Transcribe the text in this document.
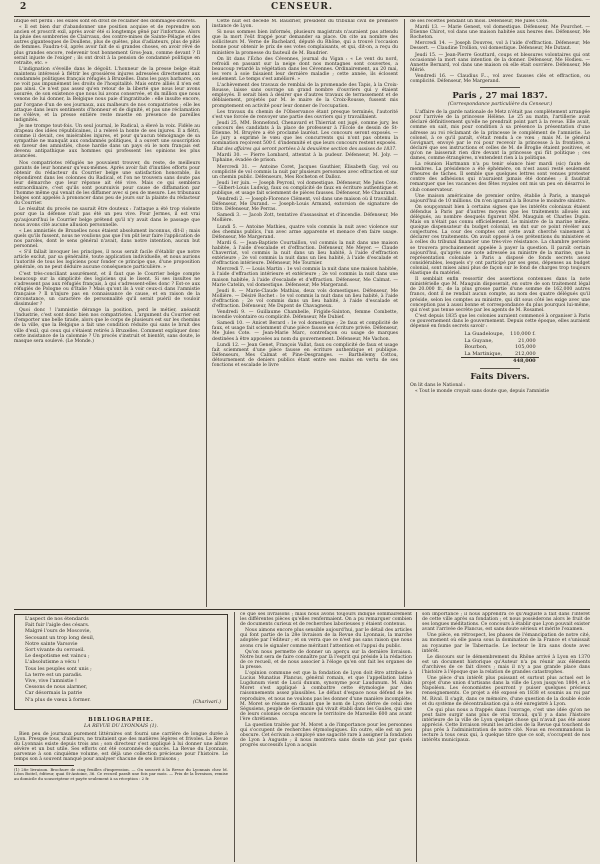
2	CENSEUR.

litique est perdu : les exilés sont en droit de réclamer des dommages-intérêts.

« Il est bien dur d'abandonner une position acquise et de reprendre son ancien et proscrit exil, après avoir été si longtemps gêné par l'infortune. Alors la pluie des sombreries de Clairvaux, des contre-mines de Sainte-Pélagie et des autres gigantesques de Doullens, plus de quêtes, plus d'adiateurs, plus de pitié de femmes. Faudra-t-il, après avoir fait de si grandes choses, en avoir rêvé de plus grandes encore, redevenir tout bonnement Gros-Jean, comme devant ? Il serait injuste de l'exiger ; ils ont droit à la pension de condamné politique en retraite, etc. »

L'indignation s'éveille dans le dégoût. L'honneur de la presse belge était maintenu intéressé à flétrir les grossières injures adressées directement aux condamnés politiques français réfugiés à Bruxelles. Dans les pays barbares, on ne voit pas impunément les droits de l'hospitalité. Mais entre alliés il n'en est pas ainsi. Ce n'est pas assez qu'en retour de la liberté que nous leur avons assurée, de son existence que nous lui avons conservée, et du million que nous venons de lui donner, la Belgique nous paie d'ingratitude : elle insulte encore, par l'organe d'un de ses journaux, aux malheurs de nos compatriotes ; elle les attaque dans leurs sentiments d'honneur et de dignité, et pas une réclamation ne s'élève, et la presse entière reste muette en présence de pareilles indignités.

Je me trompe tout-fois. Un seul journal, le Radical, a élevé la voix. Fidèle au drapeau des idées républicaines, il a relevé la honte de ses injures. Il a flétri, comme il devait, ces misérables injures, et pour qu'aucun témoignage de sa sympathie ne manquât aux condamnés politiques, il a ouvert une souscription en faveur des amnistiés, chose hardie dans un pays où le nom français est devenu antipathique aux hommes qui professent les opinions les plus avancées.

Nos compatriotes réfugiés ne pouvaient trouver, du reste, de meilleurs garants de leur honneur qu'eux-mêmes. Après avoir fait d'inutiles efforts pour obtenir du rédacteur du Courrier belge une satisfaction honorable, ils répondirent dans les colonnes du Radical, et l'on ne trouvera sans doute pas leur démarche que leur réponse ait été vive. Mais ce qui semblera extraordinaire, c'est qu'ils sont poursuivis pour cause de diffamation par l'homme même qui venait de les diffamer avec si peu de mesure. Les tribunaux belges sont appelés à prononcer dans peu de jours sur la plainte du rédacteur du Courrier.

Le résultat du procès ne saurait être douteux : l'attaque a été trop violente pour que la défense n'ait pas été un peu vive. Pour Jermes, il est vrai qu'aujourd'hui le Courrier belge prétend qu'il n'y avait dans le passage que nous avons cité aucune allusion personnelle.

« Les amnistiés de Bruxelles nous étaient absolument inconnus, dit-il ; mais quels qu'ils fussent, nous ne voulions pas que l'on pût leur faire l'application de nos paroles, dont le sens général n'avait, dans notre intention, aucun but personnel.

« S'il fallait invoquer les principes, il nous serait facile d'établir que notre article exclut, par sa généralité, toute application individuelle, et nous aurions l'autorité de tous les logiciens pour fonder ce principe que, d'une proposition générale, on ne peut déduire aucune conséquence particulière. »

C'est très-conciliant assurément, et il faut que le Courrier belge compte beaucoup sur la simplicité des logiciens qui le lisent. Si ses insultes ne s'adressent pas aux réfugiés français, à qui s'adressent-elles donc ? Est-ce aux réfugiés de Pologne ou d'Italie ? Mais qu'ont ils à voir ceux-ci dans l'amnistie française ? Il n'injure pas en connaissance de cause, et en raison de la circonstance, un caractère de personnalité qu'il serait puéril de vouloir dissimuler ?

Quoi donc ! l'amnistie dérange la position, perd le métier, anéantit l'industrie, c'est sont donc bien nos compatriotes. L'argument du Courrier est d'emporter une belle tirade, alors que le corps de plusieurs est sur les chemins de la ville, que la Belgique a fait une condition réduite qui sans le bruit des ville d'exil, qui ceux qui s'étaient retirés à Bruxelles. Comment expliquer donc cette insistance de la calomnie ? Un procès s'instruit et bientôt, sans doute, le masque sera soulevé. (Le Monde.)

Cette nuit est décédé M. Baudrier, président du tribunal civil de première instance de Lyon.

Si nous sommes bien informés, plusieurs magistrats n'auraient pas attendu que la mort l'eût frappé pour demander sa place. On cite au nombre des solliciteurs M. Verne de Bachelard, député du Rhône, qui a trouvé l'occasion bonne pour obtenir le prix de ses votes complaisants, et qui, dit-on, a reçu du ministère la promesse du fauteuil de M. Baudrier.

On lit dans l'Écho des Cévennes, journal du Vigan : « Le vent du nord, refroidi en passant sur la neige dont nos montagnes sont couvertes, a beaucoup retardé la végétation dans les Cévennes. Ordinairement, au 20 mai, les vers à soie faisaient leur dernière maladie ; cette année, ils éclosent seulement. Le temps s'est amélioré. »

L'achèvement des travaux de remblai de la promenade des Tapis, à la Croix-Rousse, laisse sans ouvrage un grand nombre d'ouvriers qui y étaient employés. Il serait bien à désirer que d'autres travaux de terrassement et de déblaiement, projetés par M. le maire de la Croix-Rousse, fussent mis promptement en activité pour leur donner de l'occupation.

Les travaux du chemin de l'Observance étant presque terminés, l'autorité s'est vue forcée de renvoyer une partie des ouvriers qui y travaillaient.

Jeudi 25, MM. Bonnefond, Chenavard et Thierriat ont jugé, comme jury, les concours des candidats à la place de professeur à l'École de dessin de St-Étienne. M. Bruyère a été proclamé lauréat. Les concours seront exposés. — Le jury a exprimé le vœu que les concurrents qui n'ont pas obtenu la nomination reçoivent 500 f. d'indemnité et que leurs concours restent exposés.

État des affaires qui seront portées à la deuxième section des assises de 1837.

Mardi 30. — Pierre Lombard, attentat à la pudeur. Défenseur, M. Joly. — Tiphaine, évadée de prison.

Mercredi 31. — Antoine Coret, Jacques Gauthier, Élisabeth Gay, vol ou complicité de vol commis la nuit par plusieurs personnes avec effraction et sur un chemin public. Défenseurs, Mes Rocheton et Dalloz.

Jeudi 1er juin. — Joseph Peyronl, vol domestique. Défenseur, Me Jules Cote. — Gilbert-Louis Ludwig, faux ou complicité de faux en écriture authentique et publique, et usage fait sciemment de pièces fausses. Défenseur, Me Chaurand.

Vendredi 2. — Joseph-Florence Clément, vol dans une maison où il travaillait. Défenseur, Me Durand. — Joseph-Louis Armand, extorsion de signature de titre. Défenseur, Me Perras.

Samedi 3. — Jacob Zott, tentative d'assassinat et d'incendie. Défenseur, Me Mollière.

Lundi 5. — Antoine Mathieu, quatre vols commis la nuit avec violence sur des chemins publics, l'un avec arme apparente et menace d'en faire usage. Défenseur, Me Margerand.

Mardi 6. — Jean-Baptiste Courtaillon, vol commis la nuit dans une maison habitée, à l'aide d'escalade et d'effraction. Défenseur, Me Meyer. — Claude Chaverriat, vol commis la nuit dans un lieu habité, à l'aide d'effraction extérieure ; 2e vol commis la nuit dans un lieu habité, à l'aide d'escalade et d'effraction intérieure. Défenseur, Me Tournier.

Mercredi 7. — Louis Martin : 1e vol commis la nuit dans une maison habitée, à l'aide d'effraction intérieure et extérieure ; 2e vol commis la nuit dans une maison habitée, à l'aide d'escalade et d'effraction. Défenseur, Me Calmat. — Marie Catelin, vol domestique. Défenseur, Me Margerand.

Jeudi 8. — Marie-Claude Mathias, deux vols domestiques. Défenseur, Me Mollière. — Désiré Rochet : 1e vol commis la nuit dans un lieu habité, à l'aide d'effraction ; 2e vol commis dans un lieu habité, à l'aide d'escalade et d'effraction. Défenseur, Me Dupont de Chavagneux.

Vendredi 9. — Guillaume Chambelle, Frigide-Sainton, femme Combette, incendie volontaire ou complicité. Défenseur, Me Dubief.

Samedi 10. — Anicet Berard : 1e vol domestique ; 2e faux et complicité de faux, et usage fait sciemment d'une pièce fausse en écriture privée. Défenseur, Me Jules Cote. — Jean-Marie Marc, contrefaçon ou usage de marques destinées à être apposées au nom du gouvernement. Défenseur, Me Vachon.

Lundi 12. — Jean Genet, François Vallat, faux ou complicité de faux et usage fait sciemment d'une pièce fausse en écriture authentique et publique. Défenseurs, Mes Calmat et Pine-Desgranges. — Barthélemy Cottou, détournement de deniers publics étant entre ses mains en vertu de ses fonctions et escalade le livre

de ses recettes pendant un mois. Défenseur, Me Jules Cote.

Mardi 13. — Marie Genest, vol domestique. Défenseur, Me Pourchet. — Étienne Chirot, vol dans une maison habitée aux heures des. Défenseur, Me Rocheton.

Mercredi 14. — Joseph Douvres, vol à l'aide d'effraction. Défenseur, Me Dessert. — Claudine Trollion, vol domestique. Défenseur, Me Dutaut.

Jeudi 15. — Jean-Pierre Gouttard, coups et blessures volontaires qui ont occasionné la mort sans intention de la donner. Défenseur, Me Hodieu. — Annette Bernard, vol dans une maison où elle était ouvrière. Défenseur, Me Mérié.

Vendredi 16. — Claudius F..., vol avec fausses clés et effraction, ou complicité. Défenseur, Me Margerand.

Paris , 27 mai 1837.
(Correspondance particulière du Censeur.)

L'affaire de la garde nationale de Metz n'était pas complètement arrangée pour l'arrivée de la princesse Hélène. Le 25 au matin, l'artillerie avait déclaré définitivement qu'elle ne prendrait point part à la revue. Elle avait, comme on sait, mis pour condition à sa présence la présentation d'une adresse au roi réclamant de la princesse le complément de l'amnistie. Le colonel, à ce qu'il paraît, s'était rendu à ce vœu ; mais M. le général Govignart, envoyé par le roi pour recevoir la princesse à la frontière, a déclaré que ses instructions et celles de M. de Broglie étaient positives, et qu'on ne laisserait rien dire devant la princesse qui fût politique ; ces dames, comme étrangères, n'entendent rien à la politique.

La réunion Hartmann n'a pu tenir séance hier mardi (sic) faute de membres. La présidence a été éphémère, on n'est aussi resté seulement d'heures de tâches. Il semble que quelques lettres sont venues protester contre des adhésions qui n'auraient jamais été données ; il faudrait remarquer que les vacances des fêtes royales ont mis un peu en désarroi le club conservateur.

Une maison américaine de premier ordre, établie à Paris, a manqué aujourd'hui de 10 millions. On n'en ignorait à la Bourse le moindre sinistre.

On soupçonnait bien à certains signes que les intérêts coloniaux étaient défendus à Paris par d'autres moyens que les traitements alloués aux délégués, au nombre desquels figurent MM. Mauguin et Charles Dupin. Mais on n'était pas connu officiellement. Le ministre de la marine même, quoique dispensateur du budget colonial, en dut sur ce point révéler aux conjectures. La cour des comptes ont cette avait cherché vainement à déclarer ces traitements. On avait opposé à ces prétentions du ministère et à celles du tribunal financier une très-vive résistance. La chambre persiste se trouvera prochainement appelée à payer la question. Il paraît certain aujourd'hui, qu'après une note adressée au ministre de la marine, que la représentation coloniale à Paris a disposé de fonds secrets assez considérables, lesquels s'y ont participé par ses gens, dépenses au budget colonial, sont mises ainsi plus de façon sur le fond de charges trop toujours élastique du matériel.

Il semblait enfin ressortir des assertions contenues dans la note ministérielle que M. Mauguin disposerait, en outre de son traitement légal de 20.000 fr., de la plus grosse partie d'une somme de 162,000 autres francs, dont il ne rendait aucun compte, au nom des quatre délégués qu'il préside, selon les comptes au ministre, qui dit sous côté les exige avec une conception pas à aussi bonne et correspondance du plus pourquoi lui-même, qui n'est pas tenue secrète par les agents de M. Rosamel.

C'est depuis 1835 que les colonies auraient commencé à organiser à Paris ce gouvernement dans le gouvernement. Depuis cette époque, elles auraient dépensé en fonds secrets savoir :

La Guadeloupe,	110,000 f.
La Guyane,	21,000
Bourbon,	105,000
La Martinique,	212,000
	448,000
Faits Divers.

On lit dans le National :

« Tout le monde croyait sans doute que, depuis l'amnistie

L'aspect de nos étendards
Fait fuir l'aigle des césars.
Malgré l'ours de Moscovie,
Secouant un trop long deuil,
Notre sainte Varsovie
Sort vivante du cercueil.
Le despotisme est vaincu ;
L'absolutisme a vécu !
Tous les peuples sont unis ;
La terre est un paradis.
Vive, vive l'amnistie !
Cessons de nous alarmer,
Car désormais la patrie
N'a plus de vœux à former.	(Charivari.)
BIBLIOGRAPHIE.
LA REVUE DU LYONNAIS (1).

Bien peu de journaux purement littéraires ont fourni une carrière de longue durée à Lyon. Presque tous, d'ailleurs, ne traitaient que des matières légères et frivoles. La Revue du Lyonnais existe depuis trois ans ; son directeur s'est appliqué à lui donner une allure sévère et un but utile. Ses efforts ont été couronnés de succès. La Revue du Lyonnais, parvenue à son cinquième volume, est déjà une collection précieuse pour l'histoire. Le temps son à souvent manqué pour analyser chacune de ses livraisons ;

(1) 28e livraison. Brochure de cinq feuilles d'impression. — On souscrit à la Revue du Lyonnais chez M. Léon Boitel, éditeur, quai St-Antoine, 36. Ce recueil paraît une fois par mois. — Prix de la livraison, remise au domicile du souscripteur et payée seulement à sa réception : 2 fr.

ce que ses livraisons ; mais nous avons toujours indiqué sommairement les différentes pièces qu'elles renfermaient. On a pu remarquer combien de documents curieux et de recherches laborieuses y étaient contenus.

Nous aimons encore plus sensible aujourd'hui, par le détail des articles qui font partie de la 28e livraison de la Revue du Lyonnais, la marche adoptée par l'éditeur ; et on verra que ce n'est pas sans raison que nous avons cru le signaler comme méritant l'attention et l'appui du public.

Qu'on nous permette de donner un aperçu sur la dernière livraison. Notre but sera de faire connaître par là l'esprit qui préside à la rédaction de ce recueil, et de nous associer à l'éloge qu'en ont fait les organes de la presse.

L'opinion commune est que la fondation de Lyon doit être attribuée à Lucius Munatius Plancus, général romain, et que l'appellation latine Lugdunum vient de Lucii dunum, synonyme pour Laudunum. M. Alain Moret s'est appliqué à combattre cette étymologie par des raisonnements assez plausibles. Le défaut d'espace nous défend de les reproduire, et nous ne voulons pas les donner d'une manière incomplète. M. Moret se résume en disant que le nom de Lyon dérive de celui des Ségusiens, peuple de Germanie qui vivait établi dans les Gaules, qui une de leurs colonies occupa encore le territoire de Marseille 600 ans avant l'ère chrétienne.

La question traitée par M. Moret a de l'importance pour les personnes qui s'occupent de recherches étymologiques. En outre, elle est un peu obscure. Cet écrivain a employé une sagacité rare à assigner la fondation de Lyon à Auguste ; il nous montrera sans doute un jour par quels progrès successifs Lyon a acquis

son importance ; il nous apprendra ce qu'Auguste a fait dans l'intérêt de cette ville après sa fondation ; et nous possèderons alors le fruit de ses longues méditations. Ce concours à établir que Lyon pouvait exister avant l'arrivée de Plancus, est sans doute sérieux et mérite l'examen.

Une pièce, en rétrospect, les phases de l'émancipation de notre cité, au moment où elle passa sous la domination de la France et s'unissait au royaume par le Tabernacle. Le lecteur le lira sans doute avec intérêt.

Le discours sur le démembrement du Rhône arrivé à Lyon en 1370 est un document historique qu'Auteur n'a pu réunir aux éléments d'archives de ce fait divers ; mais il n'y a pas grande place dans l'histoire à l'époque que la relation de grandes catastrophes.

Une pièce d'un intérêt plus puissant et surtout plus actuel est le projet d'une union d'artisans dans la ville de Lyon jusqu'en 1804, et à Napoléon. Les économistes pourront y puiser quelques précieux renseignements. Ce projet a été exposé en 1838 et soumis au roi par M. Rival. Il s'agit, dans ce mémoire, d'une question de la double école et du système de décentralisation qui a été enregistré à Lyon.

Ce qui plus nous a frappés dans l'ouvrage, c'est une idée qu'on ne peut faire surgir sans plus de vrai travail, qu'il y a dans l'histoire intérieure de la ville de Lyon quelque chose qui n'avait pas été assez apprécié. Cette livraison réunit les articles de la Revue qui touchent de plus près à l'administration de notre cité. Nous en recommandons la lecture à tous ceux qui, à quelque titre que ce soit, s'occupent de nos intérêts municipaux.
